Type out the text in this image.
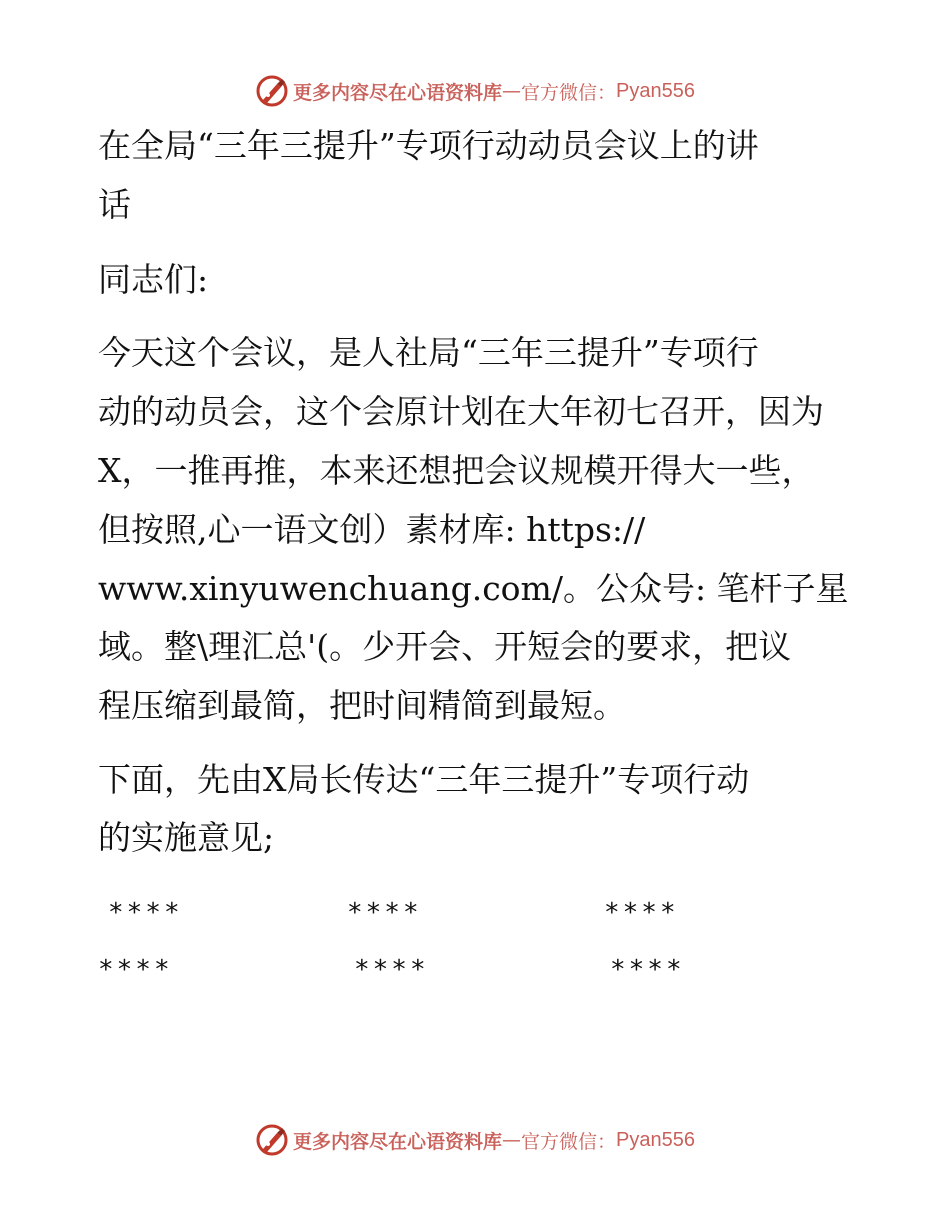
更多内容尽在心语资料库 — 官方微信： Pyan556
在全局“三年三提升”专项行动动员会议上的讲
话
同志们:
今天这个会议，是人社局“三年三提升”专项行
动的动员会，这个会原计划在大年初七召开，因为
X，一推再推，本来还想把会议规模开得大一些，
但按照,心一语文创）素材库: https://
www.xinyuwenchuang.com/。公众号: 笔杆子星
域。整\理汇总'(。少开会、开短会的要求，把议
程压缩到最简，把时间精简到最短。
下面，先由X局长传达“三年三提升”专项行动
的实施意见;
****	****	****
****	****	****
更多内容尽在心语资料库 — 官方微信： Pyan556
